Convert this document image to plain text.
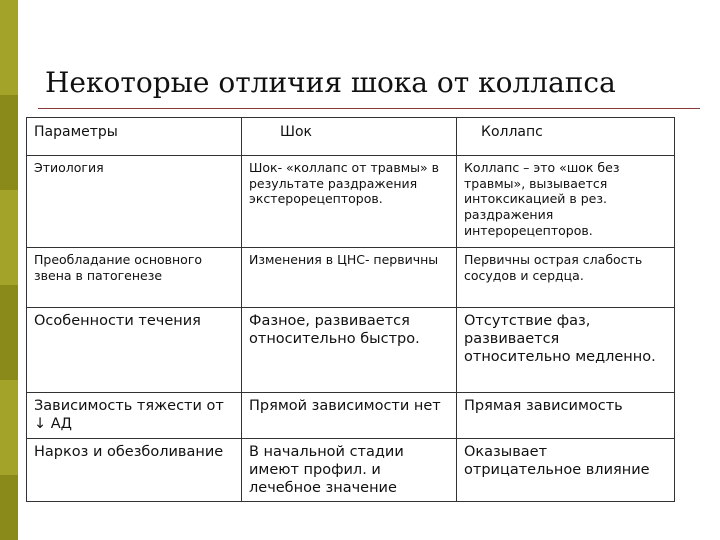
Некоторые отличия шока от коллапса
Параметры	Шок	Коллапс
Этиология	Шок- «коллапс от травмы» в результате раздражения экстерорецепторов.	Коллапс – это «шок без травмы», вызывается интоксикацией в рез. раздражения интерорецепторов.
Преобладание основного звена в патогенезе	Изменения в ЦНС- первичны	Первичны острая слабость сосудов и сердца.
Особенности течения	Фазное, развивается относительно быстро.	Отсутствие фаз, развивается относительно медленно.
Зависимость тяжести от ↓ АД	Прямой зависимости нет	Прямая зависимость
Наркоз и обезболивание	В начальной стадии имеют профил. и лечебное значение	Оказывает отрицательное влияние
